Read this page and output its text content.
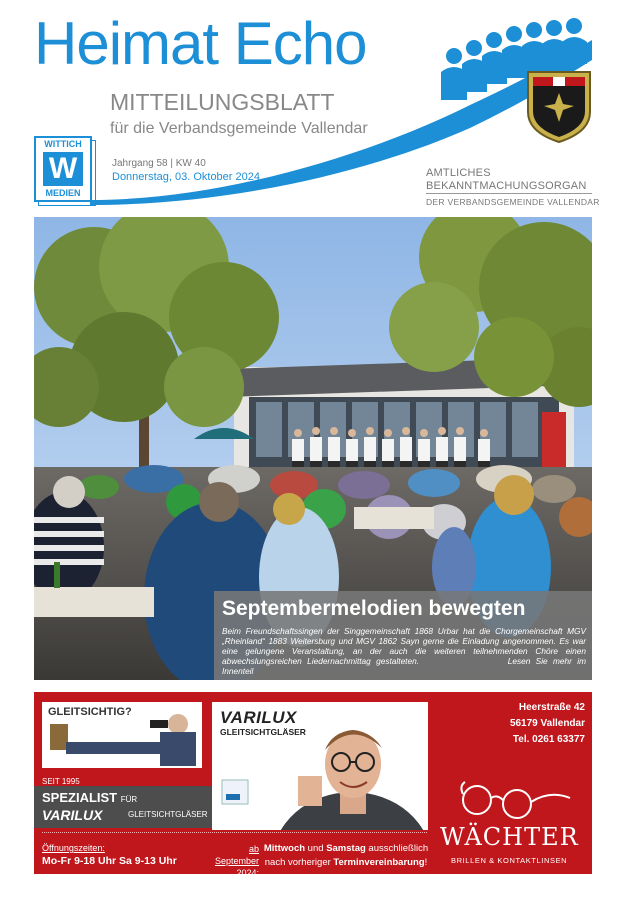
Heimat Echo
MITTEILUNGSBLATT
für die Verbandsgemeinde Vallendar
WITTICH
W
MEDIEN
Jahrgang 58 | KW 40
Donnerstag, 03. Oktober 2024	AMTLICHES
BEKANNTMACHUNGSORGAN
DER VERBANDSGEMEINDE VALLENDAR
Septembermelodien bewegten
Beim Freundschaftssingen der Singgemeinschaft 1868 Urbar hat die Chorgemeinschaft MGV „Rheinland“ 1883 Weitersburg und MGV 1862 Sayn gerne die Einladung angenommen. Es war eine gelungene Veranstaltung, an der auch die weiteren teilnehmenden Chöre einen abwechslungsreichen Liedernachmittag gestalteten.	Lesen Sie mehr im Innenteil
GLEITSICHTIG?	VARILUX
GLEITSICHTGLÄSER
Heerstraße 42
56179 Vallendar
Tel. 0261 63377
SEIT 1995
SPEZIALIST FÜR
VARILUX	GLEITSICHTGLÄSER
Öffnungszeiten:
Mo-Fr 9-18 Uhr Sa 9-13 Uhr
ab September
2024:
Mittwoch und Samstag ausschließlich
nach vorheriger Terminvereinbarung!
WÄCHTER
BRILLEN & KONTAKTLINSEN
